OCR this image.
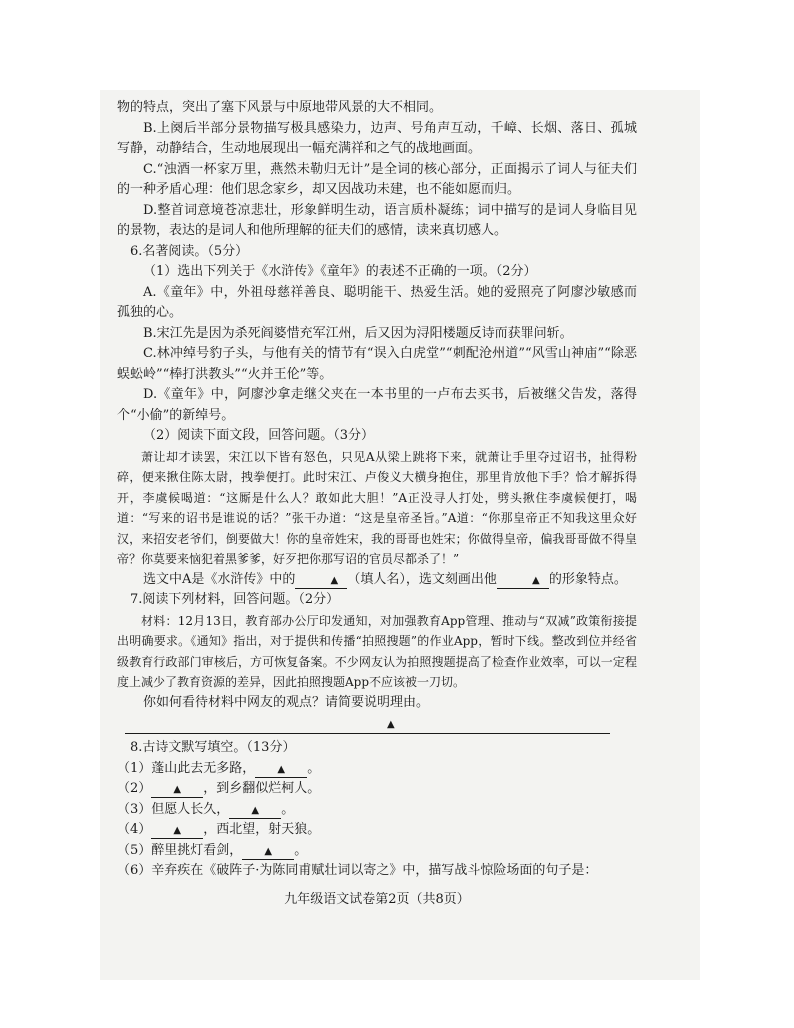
物的特点，突出了塞下风景与中原地带风景的大不相同。

B.上阕后半部分景物描写极具感染力，边声、号角声互动，千嶂、长烟、落日、孤城写静，动静结合，生动地展现出一幅充满祥和之气的战地画面。

C.“浊酒一杯家万里，燕然未勒归无计”是全词的核心部分，正面揭示了词人与征夫们的一种矛盾心理：他们思念家乡，却又因战功未建，也不能如愿而归。

D.整首词意境苍凉悲壮，形象鲜明生动，语言质朴凝练；词中描写的是词人身临目见的景物，表达的是词人和他所理解的征夫们的感情，读来真切感人。

6.名著阅读。（5分）

（1）选出下列关于《水浒传》《童年》的表述不正确的一项。（2分）

A.《童年》中，外祖母慈祥善良、聪明能干、热爱生活。她的爱照亮了阿廖沙敏感而孤独的心。

B.宋江先是因为杀死阎婆惜充军江州，后又因为浔阳楼题反诗而获罪问斩。

C.林冲绰号豹子头，与他有关的情节有“误入白虎堂”“刺配沧州道”“风雪山神庙”“除恶蜈蚣岭”“棒打洪教头”“火并王伦”等。

D.《童年》中，阿廖沙拿走继父夹在一本书里的一卢布去买书，后被继父告发，落得个“小偷”的新绰号。

（2）阅读下面文段，回答问题。（3分）

萧让却才读罢，宋江以下皆有怒色，只见A从梁上跳将下来，就萧让手里夺过诏书，扯得粉碎，便来揪住陈太尉，拽拳便打。此时宋江、卢俊义大横身抱住，那里肯放他下手？恰才解拆得开，李虞候喝道：“这厮是什么人？敢如此大胆！”A正没寻人打处，劈头揪住李虞候便打，喝道：“写来的诏书是谁说的话？”张干办道：“这是皇帝圣旨。”A道：“你那皇帝正不知我这里众好汉，来招安老爷们，倒要做大！你的皇帝姓宋，我的哥哥也姓宋；你做得皇帝，偏我哥哥做不得皇帝？你莫要来恼犯着黑爹爹，好歹把你那写诏的官员尽都杀了！”

选文中A是《水浒传》中的	▲ （填人名），选文刻画出他	▲ 的形象特点。

7.阅读下列材料，回答问题。（2分）

材料：12月13日，教育部办公厅印发通知，对加强教育App管理、推动与“双减”政策衔接提出明确要求。《通知》指出，对于提供和传播“拍照搜题”的作业App，暂时下线。整改到位并经省级教育行政部门审核后，方可恢复备案。不少网友认为拍照搜题提高了检查作业效率，可以一定程度上减少了教育资源的差异，因此拍照搜题App不应该被一刀切。

你如何看待材料中网友的观点？请简要说明理由。

▲

8.古诗文默写填空。（13分）

（1）蓬山此去无多路， ▲ 。

（2） ▲ ，到乡翻似烂柯人。

（3）但愿人长久， ▲ 。

（4） ▲ ，西北望，射天狼。

（5）醉里挑灯看剑， ▲ 。

（6）辛弃疾在《破阵子·为陈同甫赋壮词以寄之》中，描写战斗惊险场面的句子是：

九年级语文试卷第2页（共8页）
